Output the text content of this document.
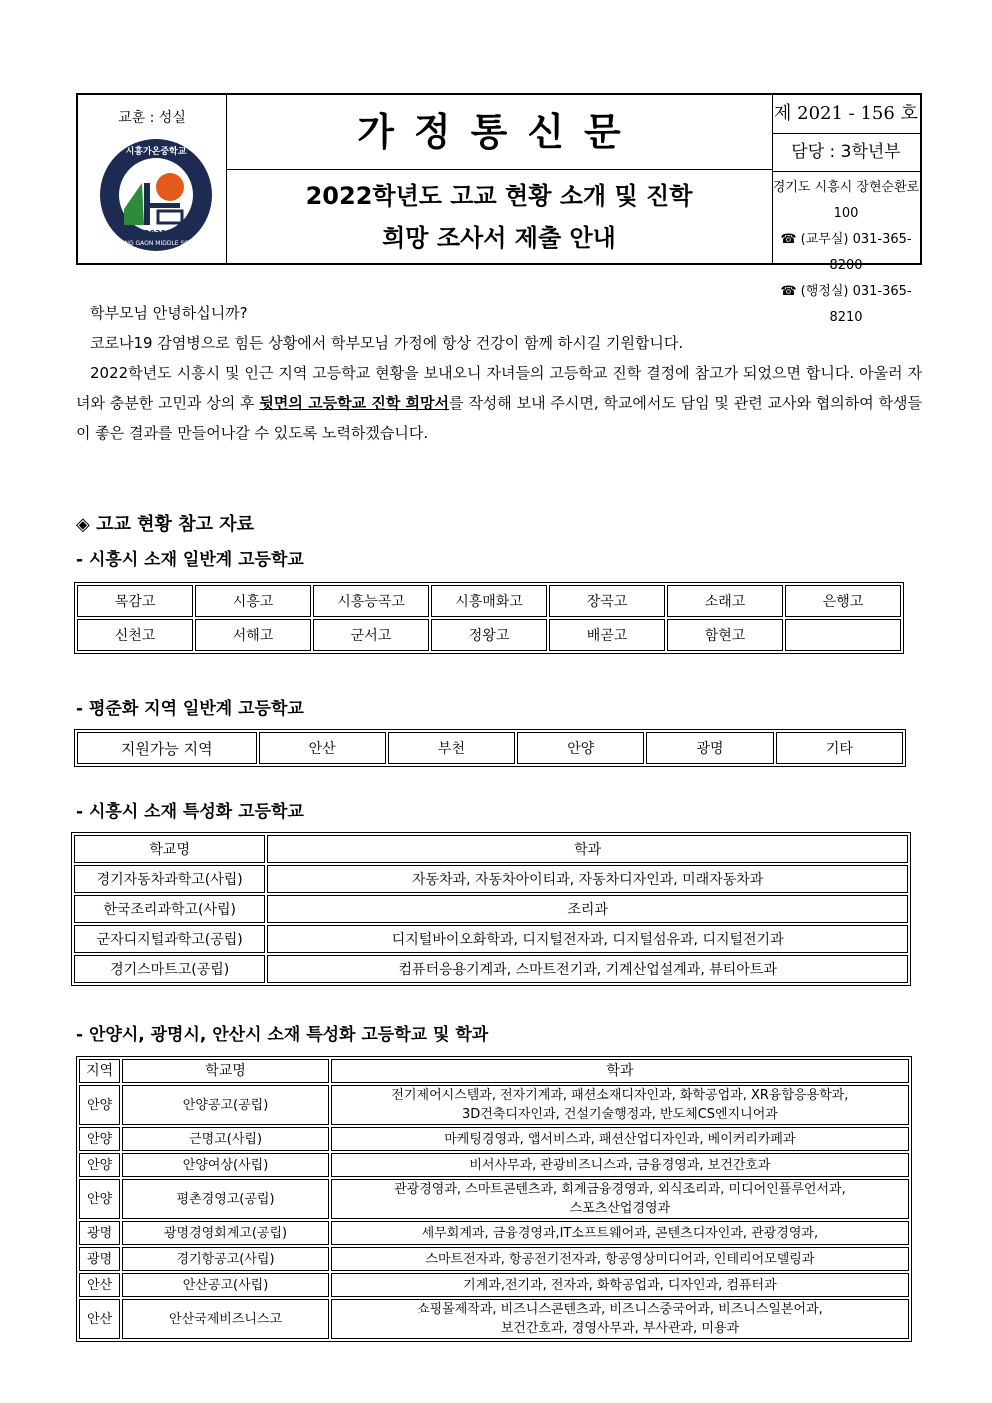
교훈 : 성실
2021
시흥가온중학교
SIHEUNG GAON MIDDLE SCHOOL
가정통신문
2022학년도 고교 현황 소개 및 진학
희망 조사서 제출 안내
제 2021 - 156 호
담당 : 3학년부
경기도 시흥시 장현순환로 100
☎ (교무실) 031-365-8200
☎ (행정실) 031-365-8210

학부모님 안녕하십니까?

코로나19 감염병으로 힘든 상황에서 학부모님 가정에 항상 건강이 함께 하시길 기원합니다.

2022학년도 시흥시 및 인근 지역 고등학교 현황을 보내오니 자녀들의 고등학교 진학 결정에 참고가 되었으면 합니다. 아울러 자녀와 충분한 고민과 상의 후 뒷면의 고등학교 진학 희망서를 작성해 보내 주시면, 학교에서도 담임 및 관련 교사와 협의하여 학생들이 좋은 결과를 만들어나갈 수 있도록 노력하겠습니다.

◈ 고교 현황 참고 자료
- 시흥시 소재 일반계 고등학교
목감고	시흥고	시흥능곡고	시흥매화고	장곡고	소래고	은행고
신천고	서해고	군서고	정왕고	배곧고	함현고	
- 평준화 지역 일반계 고등학교
지원가능 지역	안산	부천	안양	광명	기타
- 시흥시 소재 특성화 고등학교
학교명	학과
경기자동차과학고(사립)	자동차과, 자동차아이티과, 자동차디자인과, 미래자동차과
한국조리과학고(사립)	조리과
군자디지털과학고(공립)	디지털바이오화학과, 디지털전자과, 디지털섬유과, 디지털전기과
경기스마트고(공립)	컴퓨터응용기계과, 스마트전기과, 기계산업설계과, 뷰티아트과
- 안양시, 광명시, 안산시 소재 특성화 고등학교 및 학과
지역	학교명	학과
안양	안양공고(공립)	전기제어시스템과, 전자기계과, 패션소재디자인과, 화학공업과, XR융합응용학과,
3D건축디자인과, 건설기술행정과, 반도체CS엔지니어과

안양	근명고(사립)	마케팅경영과, 앱서비스과, 패션산업디자인과, 베이커리카페과
안양	안양여상(사립)	비서사무과, 관광비즈니스과, 금융경영과, 보건간호과
안양	평촌경영고(공립)	관광경영과, 스마트콘텐츠과, 회계금융경영과, 외식조리과, 미디어인플루언서과,
스포츠산업경영과

광명	광명경영회계고(공립)	세무회계과, 금융경영과,IT소프트웨어과, 콘텐츠디자인과, 관광경영과,
광명	경기항공고(사립)	스마트전자과, 항공전기전자과, 항공영상미디어과, 인테리어모델링과
안산	안산공고(사립)	기계과,전기과, 전자과, 화학공업과, 디자인과, 컴퓨터과
안산	안산국제비즈니스고	쇼핑몰제작과, 비즈니스콘텐츠과, 비즈니스중국어과, 비즈니스일본어과,
보건간호과, 경영사무과, 부사관과, 미용과
